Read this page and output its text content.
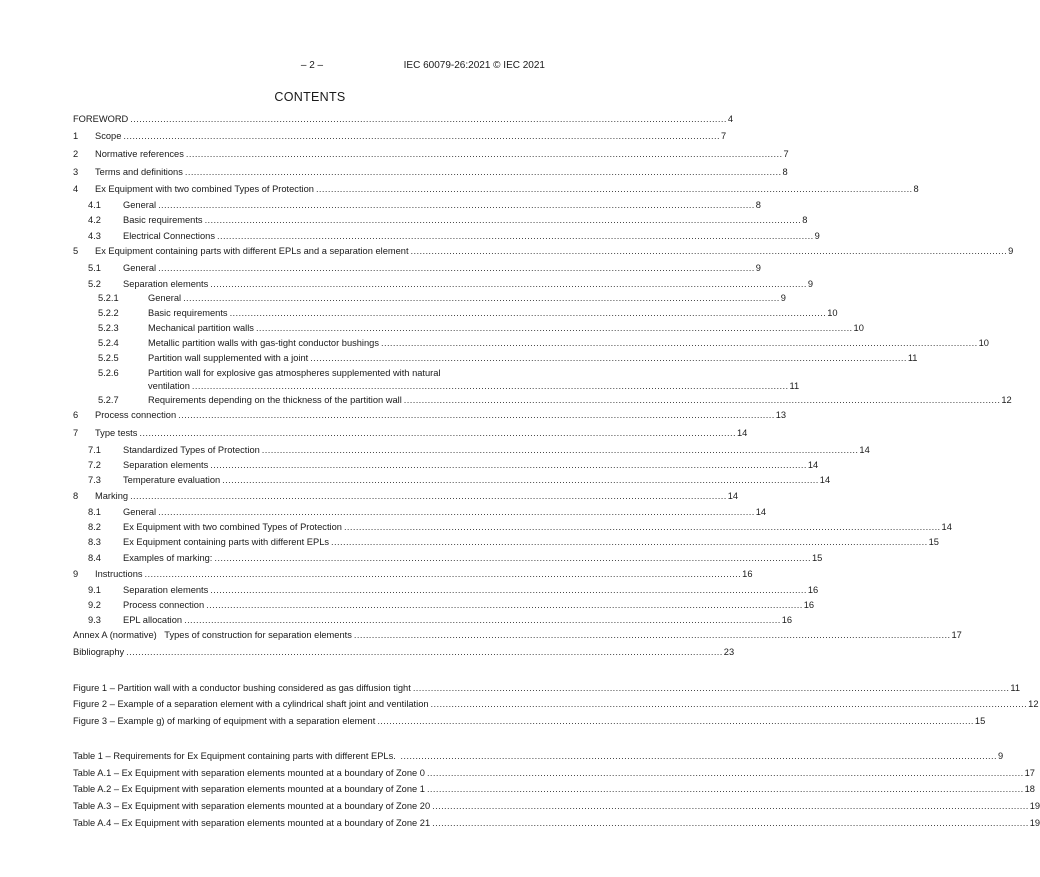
– 2 –	IEC 60079-26:2021 © IEC 2021
CONTENTS
FOREWORD ........................................................................................................................................................................................................ 4
1 Scope ........................................................................................................................................................................................................ 7
2 Normative references ........................................................................................................................................................................................................ 7
3 Terms and definitions ........................................................................................................................................................................................................ 8
4 Ex Equipment with two combined Types of Protection ........................................................................................................................................................................................................ 8
4.1 General ........................................................................................................................................................................................................ 8
4.2 Basic requirements ........................................................................................................................................................................................................ 8
4.3 Electrical Connections ........................................................................................................................................................................................................ 9
5 Ex Equipment containing parts with different EPLs and a separation element ........................................................................................................................................................................................................ 9
5.1 General ........................................................................................................................................................................................................ 9
5.2 Separation elements ........................................................................................................................................................................................................ 9
5.2.1	General ........................................................................................................................................................................................................ 9
5.2.2	Basic requirements ........................................................................................................................................................................................................ 10
5.2.3	Mechanical partition walls ........................................................................................................................................................................................................ 10
5.2.4	Metallic partition walls with gas-tight conductor bushings ........................................................................................................................................................................................................ 10
5.2.5	Partition wall supplemented with a joint ........................................................................................................................................................................................................ 11
5.2.6	Partition wall for explosive gas atmospheres supplemented with natural
ventilation ........................................................................................................................................................................................................ 11
5.2.7	Requirements depending on the thickness of the partition wall ........................................................................................................................................................................................................ 12
6 Process connection ........................................................................................................................................................................................................ 13
7 Type tests ........................................................................................................................................................................................................ 14
7.1 Standardized Types of Protection ........................................................................................................................................................................................................ 14
7.2 Separation elements ........................................................................................................................................................................................................ 14
7.3 Temperature evaluation ........................................................................................................................................................................................................ 14
8 Marking ........................................................................................................................................................................................................ 14
8.1 General ........................................................................................................................................................................................................ 14
8.2 Ex Equipment with two combined Types of Protection ........................................................................................................................................................................................................ 14
8.3 Ex Equipment containing parts with different EPLs ........................................................................................................................................................................................................ 15
8.4 Examples of marking: ........................................................................................................................................................................................................ 15
9 Instructions ........................................................................................................................................................................................................ 16
9.1 Separation elements ........................................................................................................................................................................................................ 16
9.2 Process connection ........................................................................................................................................................................................................ 16
9.3 EPL allocation ........................................................................................................................................................................................................ 16
Annex A (normative)   Types of construction for separation elements ........................................................................................................................................................................................................ 17
Bibliography ........................................................................................................................................................................................................ 23
Figure 1 – Partition wall with a conductor bushing considered as gas diffusion tight ........................................................................................................................................................................................................ 11
Figure 2 – Example of a separation element with a cylindrical shaft joint and ventilation ........................................................................................................................................................................................................ 12
Figure 3 – Example g) of marking of equipment with a separation element ........................................................................................................................................................................................................ 15
Table 1 – Requirements for Ex Equipment containing parts with different EPLs. ........................................................................................................................................................................................................ 9
Table A.1 – Ex Equipment with separation elements mounted at a boundary of Zone 0 ........................................................................................................................................................................................................ 17
Table A.2 – Ex Equipment with separation elements mounted at a boundary of Zone 1 ........................................................................................................................................................................................................ 18
Table A.3 – Ex Equipment with separation elements mounted at a boundary of Zone 20 ........................................................................................................................................................................................................ 19
Table A.4 – Ex Equipment with separation elements mounted at a boundary of Zone 21 ........................................................................................................................................................................................................ 19
